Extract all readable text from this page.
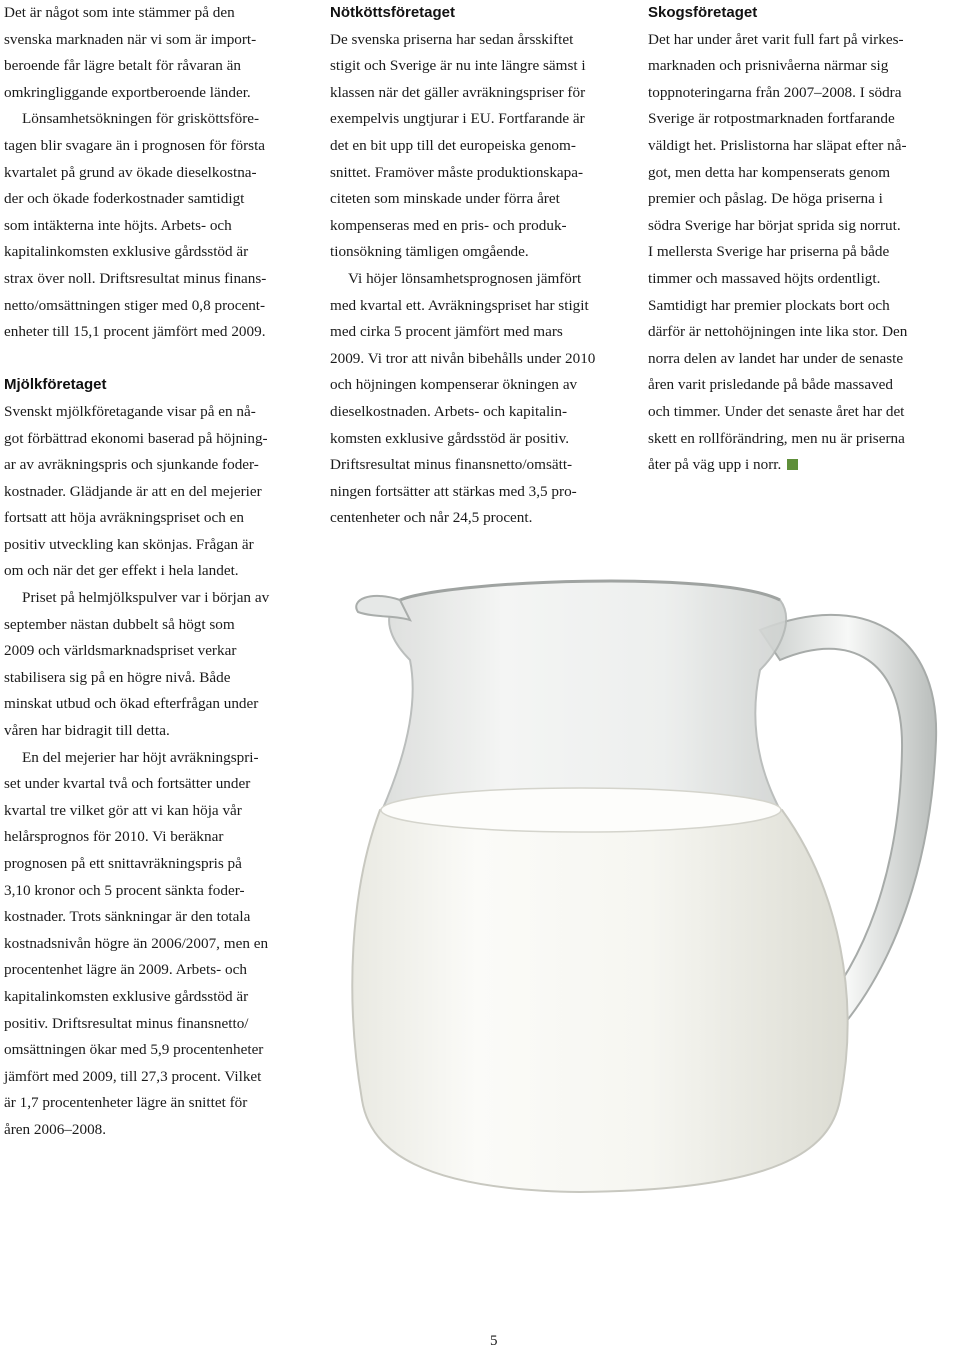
Det är något som inte stämmer på den
svenska marknaden när vi som är import-
beroende får lägre betalt för råvaran än
omkringliggande exportberoende länder.
Lönsamhetsökningen för grisköttsföre-
tagen blir svagare än i prognosen för första
kvartalet på grund av ökade dieselkostna-
der och ökade foderkostnader samtidigt
som intäkterna inte höjts. Arbets- och
kapitalinkomsten exklusive gårdsstöd är
strax över noll. Driftsresultat minus finans-
netto/omsättningen stiger med 0,8 procent-
enheter till 15,1 procent jämfört med 2009.
Mjölkföretaget
Svenskt mjölkföretagande visar på en nå-
got förbättrad ekonomi baserad på höjning-
ar av avräkningspris och sjunkande foder-
kostnader. Glädjande är att en del mejerier
fortsatt att höja avräkningspriset och en
positiv utveckling kan skönjas. Frågan är
om och när det ger effekt i hela landet.
Priset på helmjölkspulver var i början av
september nästan dubbelt så högt som
2009 och världsmarknadspriset verkar
stabilisera sig på en högre nivå. Både
minskat utbud och ökad efterfrågan under
våren har bidragit till detta.
En del mejerier har höjt avräkningspri-
set under kvartal två och fortsätter under
kvartal tre vilket gör att vi kan höja vår
helårsprognos för 2010. Vi beräknar
prognosen på ett snittavräkningspris på
3,10 kronor och 5 procent sänkta foder-
kostnader. Trots sänkningar är den totala
kostnadsnivån högre än 2006/2007, men en
procentenhet lägre än 2009. Arbets- och
kapitalinkomsten exklusive gårdsstöd är
positiv. Driftsresultat minus finansnetto/
omsättningen ökar med 5,9 procentenheter
jämfört med 2009, till 27,3 procent. Vilket
är 1,7 procentenheter lägre än snittet för
åren 2006–2008.
Nötköttsföretaget
De svenska priserna har sedan årsskiftet
stigit och Sverige är nu inte längre sämst i
klassen när det gäller avräkningspriser för
exempelvis ungtjurar i EU. Fortfarande är
det en bit upp till det europeiska genom-
snittet. Framöver måste produktionskapa-
citeten som minskade under förra året
kompenseras med en pris- och produk-
tionsökning tämligen omgående.
Vi höjer lönsamhetsprognosen jämfört
med kvartal ett. Avräkningspriset har stigit
med cirka 5 procent jämfört med mars
2009. Vi tror att nivån bibehålls under 2010
och höjningen kompenserar ökningen av
dieselkostnaden. Arbets- och kapitalin-
komsten exklusive gårdsstöd är positiv.
Driftsresultat minus finansnetto/omsätt-
ningen fortsätter att stärkas med 3,5 pro-
centenheter och når 24,5 procent.
Skogsföretaget
Det har under året varit full fart på virkes-
marknaden och prisnivåerna närmar sig
toppnoteringarna från 2007–2008. I södra
Sverige är rotpostmarknaden fortfarande
väldigt het. Prislistorna har släpat efter nå-
got, men detta har kompenserats genom
premier och påslag. De höga priserna i
södra Sverige har börjat sprida sig norrut.
I mellersta Sverige har priserna på både
timmer och massaved höjts ordentligt.
Samtidigt har premier plockats bort och
därför är nettohöjningen inte lika stor. Den
norra delen av landet har under de senaste
åren varit prisledande på både massaved
och timmer. Under det senaste året har det
skett en rollförändring, men nu är priserna
åter på väg upp i norr.
5
